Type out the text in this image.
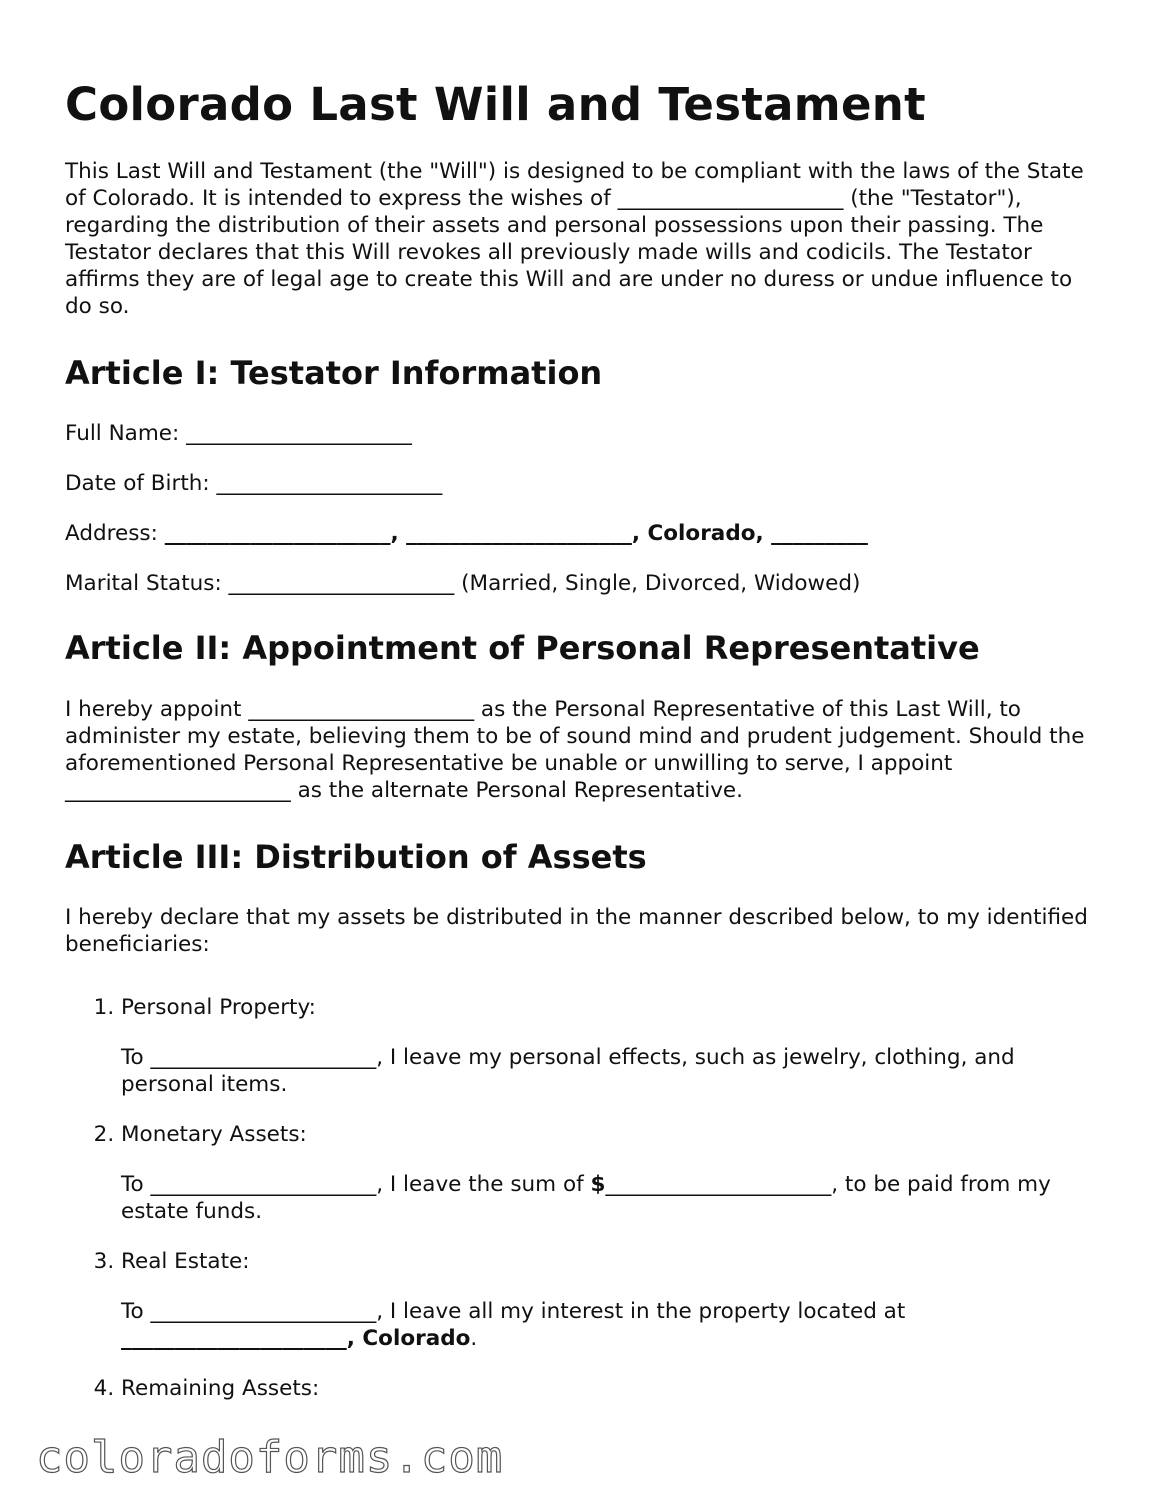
Colorado Last Will and Testament

This Last Will and Testament (the "Will") is designed to be compliant with the laws of the State of Colorado. It is intended to express the wishes of _____________________ (the "Testator"), regarding the distribution of their assets and personal possessions upon their passing. The Testator declares that this Will revokes all previously made wills and codicils. The Testator affirms they are of legal age to create this Will and are under no duress or undue influence to do so.

Article I: Testator Information

Full Name: _____________________

Date of Birth: _____________________

Address: _____________________, _____________________, Colorado, _________

Marital Status: _____________________ (Married, Single, Divorced, Widowed)

Article II: Appointment of Personal Representative

I hereby appoint _____________________ as the Personal Representative of this Last Will, to administer my estate, believing them to be of sound mind and prudent judgement. Should the aforementioned Personal Representative be unable or unwilling to serve, I appoint _____________________ as the alternate Personal Representative.

Article III: Distribution of Assets

I hereby declare that my assets be distributed in the manner described below, to my identified beneficiaries:

1. Personal Property:
To _____________________, I leave my personal effects, such as jewelry, clothing, and personal items.
2. Monetary Assets:
To _____________________, I leave the sum of $_____________________, to be paid from my estate funds.
3. Real Estate:
To _____________________, I leave all my interest in the property located at _____________________, Colorado.
4. Remaining Assets:
coloradoforms.com
